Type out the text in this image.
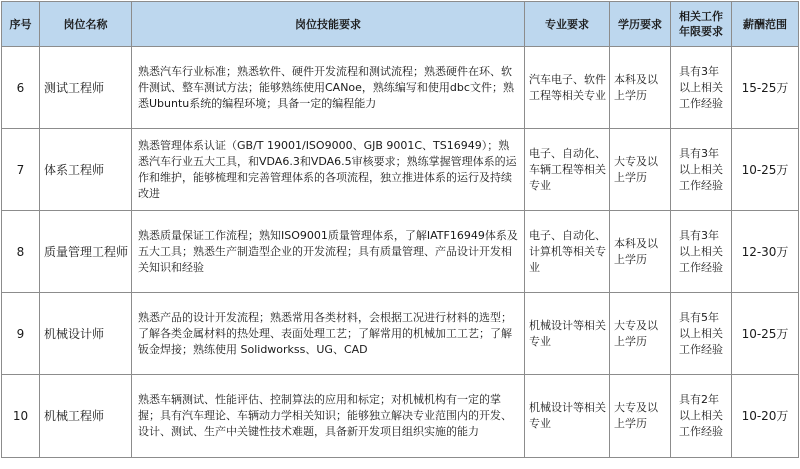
序号	岗位名称	岗位技能要求	专业要求	学历要求	相关工作年限要求	薪酬范围
6	测试工程师	熟悉汽车行业标准；熟悉软件、硬件开发流程和测试流程；熟悉硬件在环、软件测试、整车测试方法；能够熟练使用CANoe，熟练编写和使用dbc文件；熟悉Ubuntu系统的编程环境；具备一定的编程能力	汽车电子、软件工程等相关专业	本科及以上学历	具有3年以上相关工作经验	15-25万
7	体系工程师	熟悉管理体系认证（GB/T 19001/ISO9000、GJB 9001C、TS16949）；熟悉汽车行业五大工具，和VDA6.3和VDA6.5审核要求；熟练掌握管理体系的运作和维护，能够梳理和完善管理体系的各项流程，独立推进体系的运行及持续改进	电子、自动化、车辆工程等相关专业	大专及以上学历	具有3年以上相关工作经验	10-25万
8	质量管理工程师	熟悉质量保证工作流程；熟知ISO9001质量管理体系，了解IATF16949体系及五大工具；熟悉生产制造型企业的开发流程；具有质量管理、产品设计开发相关知识和经验	电子、自动化、计算机等相关专业	本科及以上学历	具有3年以上相关工作经验	12-30万
9	机械设计师	熟悉产品的设计开发流程；熟悉常用各类材料，会根据工况进行材料的选型；了解各类金属材料的热处理、表面处理工艺；了解常用的机械加工工艺；了解钣金焊接；熟练使用 Solidworkss、UG、CAD	机械设计等相关专业	大专及以上学历	具有5年以上相关工作经验	10-25万
10	机械工程师	熟悉车辆测试、性能评估、控制算法的应用和标定；对机械机构有一定的掌握；具有汽车理论、车辆动力学相关知识；能够独立解决专业范围内的开发、设计、测试、生产中关键性技术难题，具备新开发项目组织实施的能力	机械设计等相关专业	大专及以上学历	具有2年以上相关工作经验	10-20万
